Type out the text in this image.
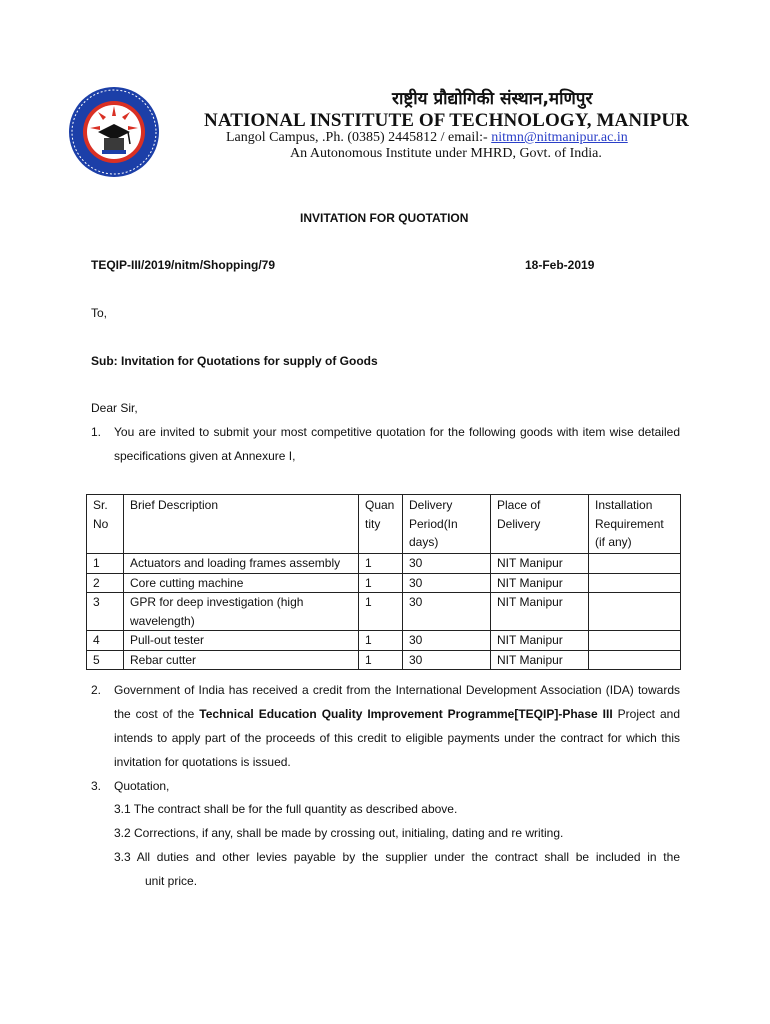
राष्ट्रीय प्रौद्योगिकी संस्थान,मणिपुर
NATIONAL INSTITUTE OF TECHNOLOGY, MANIPUR
Langol Campus, .Ph. (0385) 2445812 / email:- nitmn@nitmanipur.ac.in
An Autonomous Institute under MHRD, Govt. of India.
INVITATION FOR QUOTATION
TEQIP-III/2019/nitm/Shopping/79	18-Feb-2019
To,
Sub: Invitation for Quotations for supply of Goods
Dear Sir,
1. You are invited to submit your most competitive quotation for the following goods with item wise detailed specifications given at Annexure I,
Sr. No	Brief Description	Quantity	Delivery Period(In days)	Place of Delivery	Installation Requirement (if any)
1	Actuators and loading frames assembly	1	30	NIT Manipur	
2	Core cutting machine	1	30	NIT Manipur	
3	GPR for deep investigation (high wavelength)	1	30	NIT Manipur	
4	Pull-out tester	1	30	NIT Manipur	
5	Rebar cutter	1	30	NIT Manipur	
2. Government of India has received a credit from the International Development Association (IDA) towards the cost of the Technical Education Quality Improvement Programme[TEQIP]-Phase III Project and intends to apply part of the proceeds of this credit to eligible payments under the contract for which this invitation for quotations is issued.
3. Quotation,
3.1 The contract shall be for the full quantity as described above.
3.2 Corrections, if any, shall be made by crossing out, initialing, dating and re writing.
3.3 All duties and other levies payable by the supplier under the contract shall be included in the
unit price.
